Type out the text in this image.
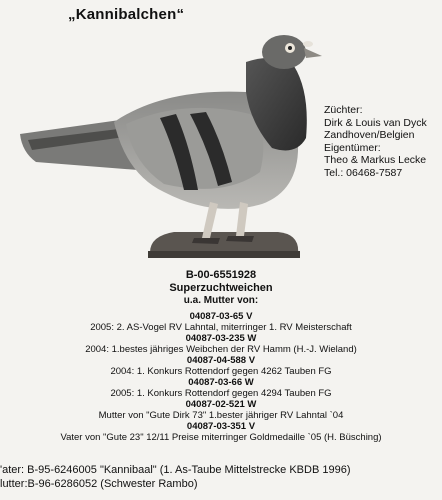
„Kannibalchen“
Züchter:
Dirk & Louis van Dyck
Zandhoven/Belgien
Eigentümer:
Theo & Markus Lecke
Tel.: 06468-7587
B-00-6551928
Superzuchtweichen
u.a. Mutter von:
04087-03-65 V
2005: 2. AS-Vogel RV Lahntal, miterringer 1. RV Meisterschaft
04087-03-235 W
2004: 1.bestes jähriges Weibchen der RV Hamm (H.-J. Wieland)
04087-04-588 V
2004: 1. Konkurs Rottendorf gegen 4262 Tauben FG
04087-03-66 W
2005: 1. Konkurs Rottendorf gegen 4294 Tauben FG
04087-02-521 W
Mutter von "Gute Dirk 73" 1.bester jähriger RV Lahntal `04
04087-03-351 V
Vater von "Gute 23" 12/11 Preise miterringer Goldmedaille `05 (H. Büsching)
'ater: B-95-6246005 "Kannibaal" (1. As-Taube Mittelstrecke KBDB 1996)
lutter:B-96-6286052 (Schwester Rambo)
